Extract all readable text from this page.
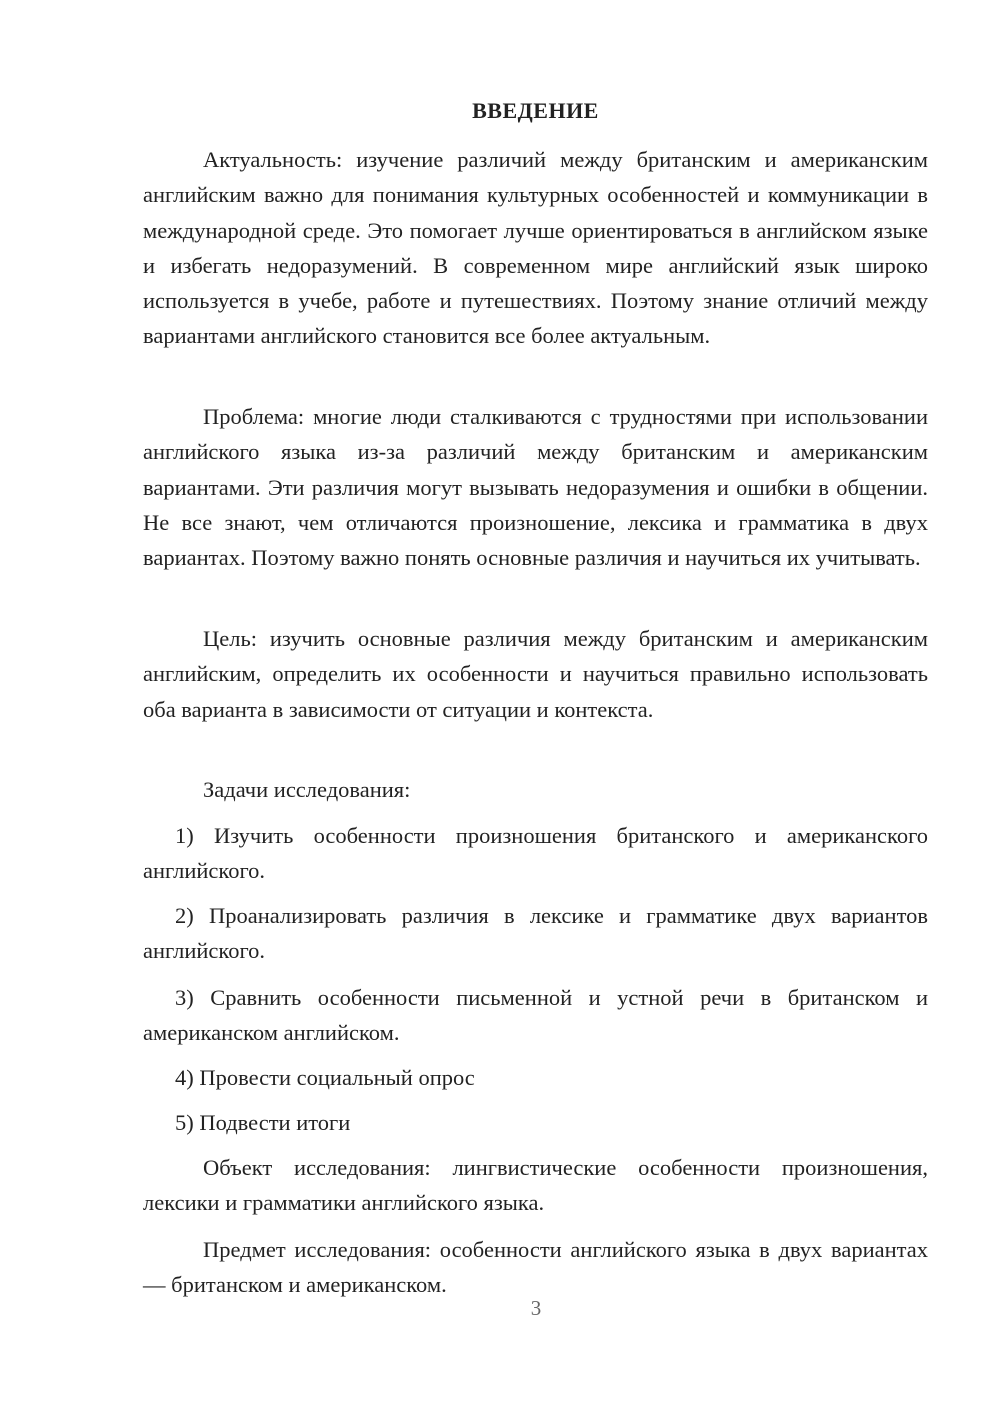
ВВЕДЕНИЕ

Актуальность: изучение различий между британским и американским английским важно для понимания культурных особенностей и коммуникации в международной среде. Это помогает лучше ориентироваться в английском языке и избегать недоразумений. В современном мире английский язык широко используется в учебе, работе и путешествиях. Поэтому знание отличий между вариантами английского становится все более актуальным.

Проблема: многие люди сталкиваются с трудностями при использовании английского языка из-за различий между британским и американским вариантами. Эти различия могут вызывать недоразумения и ошибки в общении. Не все знают, чем отличаются произношение, лексика и грамматика в двух вариантах. Поэтому важно понять основные различия и научиться их учитывать.

Цель: изучить основные различия между британским и американским английским, определить их особенности и научиться правильно использовать оба варианта в зависимости от ситуации и контекста.

Задачи исследования:

1) Изучить особенности произношения британского и американского английского.

2) Проанализировать различия в лексике и грамматике двух вариантов английского.

3) Сравнить особенности письменной и устной речи в британском и американском английском.

4) Провести социальный опрос

5) Подвести итоги

Объект исследования: лингвистические особенности произношения, лексики и грамматики английского языка.

Предмет исследования: особенности английского языка в двух вариантах — британском и американском.

3
